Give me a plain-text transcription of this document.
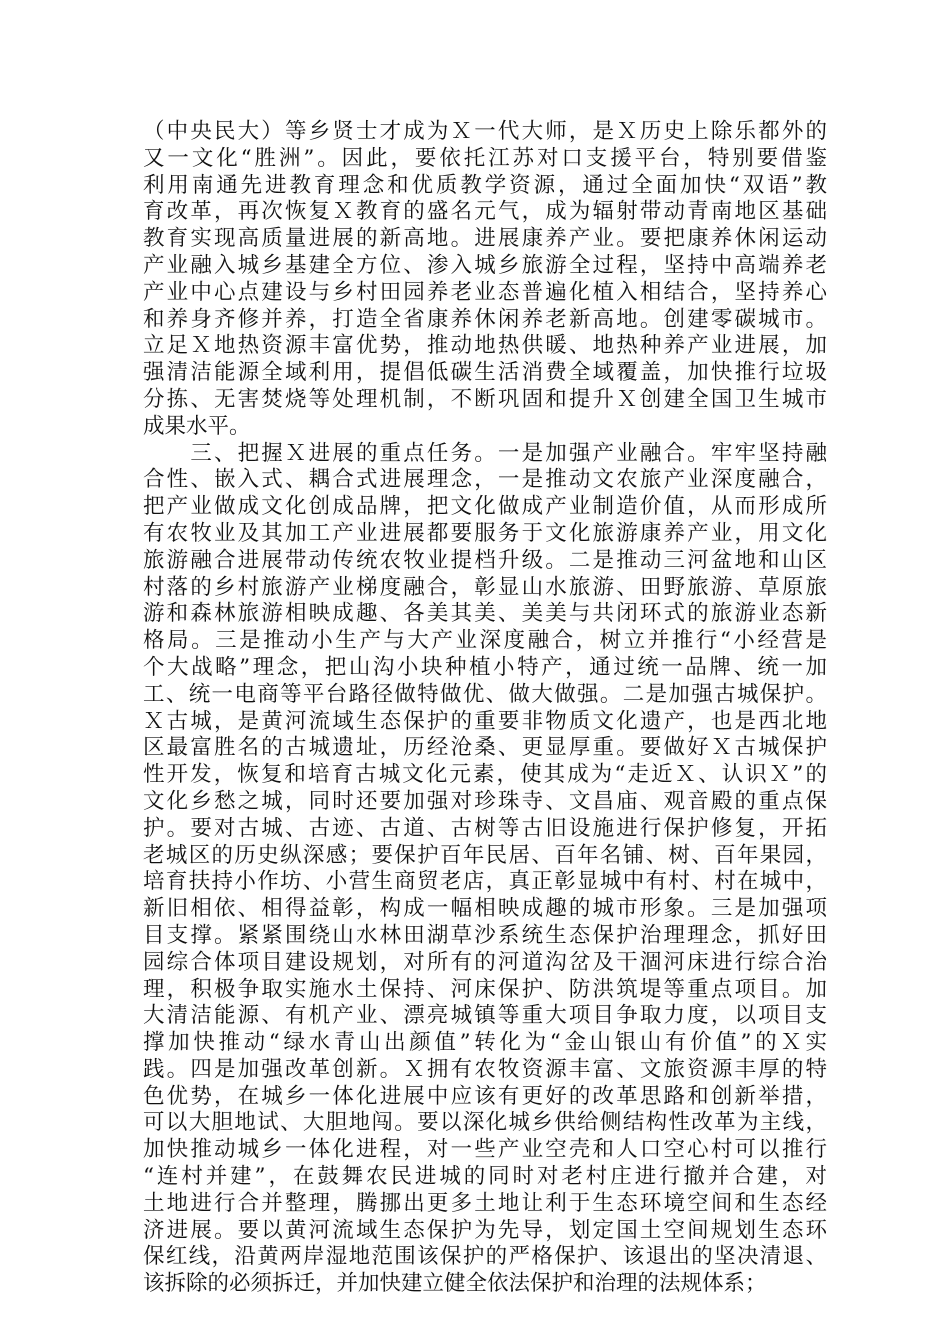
（中央民大）等乡贤士才成为Ｘ一代大师，是Ｘ历史上除乐都外的
又一文化“胜洲”。因此，要依托江苏对口支援平台，特别要借鉴
利用南通先进教育理念和优质教学资源，通过全面加快“双语”教
育改革，再次恢复Ｘ教育的盛名元气，成为辐射带动青南地区基础
教育实现高质量进展的新高地。进展康养产业。要把康养休闲运动
产业融入城乡基建全方位、渗入城乡旅游全过程，坚持中高端养老
产业中心点建设与乡村田园养老业态普遍化植入相结合，坚持养心
和养身齐修并养，打造全省康养休闲养老新高地。创建零碳城市。
立足Ｘ地热资源丰富优势，推动地热供暖、地热种养产业进展，加
强清洁能源全域利用，提倡低碳生活消费全域覆盖，加快推行垃圾
分拣、无害焚烧等处理机制，不断巩固和提升Ｘ创建全国卫生城市
成果水平。
　　三、把握Ｘ进展的重点任务。一是加强产业融合。牢牢坚持融
合性、嵌入式、耦合式进展理念，一是推动文农旅产业深度融合，
把产业做成文化创成品牌，把文化做成产业制造价值，从而形成所
有农牧业及其加工产业进展都要服务于文化旅游康养产业，用文化
旅游融合进展带动传统农牧业提档升级。二是推动三河盆地和山区
村落的乡村旅游产业梯度融合，彰显山水旅游、田野旅游、草原旅
游和森林旅游相映成趣、各美其美、美美与共闭环式的旅游业态新
格局。三是推动小生产与大产业深度融合，树立并推行“小经营是
个大战略”理念，把山沟小块种植小特产，通过统一品牌、统一加
工、统一电商等平台路径做特做优、做大做强。二是加强古城保护。
Ｘ古城，是黄河流域生态保护的重要非物质文化遗产，也是西北地
区最富胜名的古城遗址，历经沧桑、更显厚重。要做好Ｘ古城保护
性开发，恢复和培育古城文化元素，使其成为“走近Ｘ、认识Ｘ”的
文化乡愁之城，同时还要加强对珍珠寺、文昌庙、观音殿的重点保
护。要对古城、古迹、古道、古树等古旧设施进行保护修复，开拓
老城区的历史纵深感；要保护百年民居、百年名铺、树、百年果园，
培育扶持小作坊、小营生商贸老店，真正彰显城中有村、村在城中，
新旧相依、相得益彰，构成一幅相映成趣的城市形象。三是加强项
目支撑。紧紧围绕山水林田湖草沙系统生态保护治理理念，抓好田
园综合体项目建设规划，对所有的河道沟岔及干涸河床进行综合治
理，积极争取实施水土保持、河床保护、防洪筑堤等重点项目。加
大清洁能源、有机产业、漂亮城镇等重大项目争取力度，以项目支
撑加快推动“绿水青山出颜值”转化为“金山银山有价值”的Ｘ实
践。四是加强改革创新。Ｘ拥有农牧资源丰富、文旅资源丰厚的特
色优势，在城乡一体化进展中应该有更好的改革思路和创新举措，
可以大胆地试、大胆地闯。要以深化城乡供给侧结构性改革为主线，
加快推动城乡一体化进程，对一些产业空壳和人口空心村可以推行
“连村并建”，在鼓舞农民进城的同时对老村庄进行撤并合建，对
土地进行合并整理，腾挪出更多土地让利于生态环境空间和生态经
济进展。要以黄河流域生态保护为先导，划定国土空间规划生态环
保红线，沿黄两岸湿地范围该保护的严格保护、该退出的坚决清退、
该拆除的必须拆迁，并加快建立健全依法保护和治理的法规体系；
